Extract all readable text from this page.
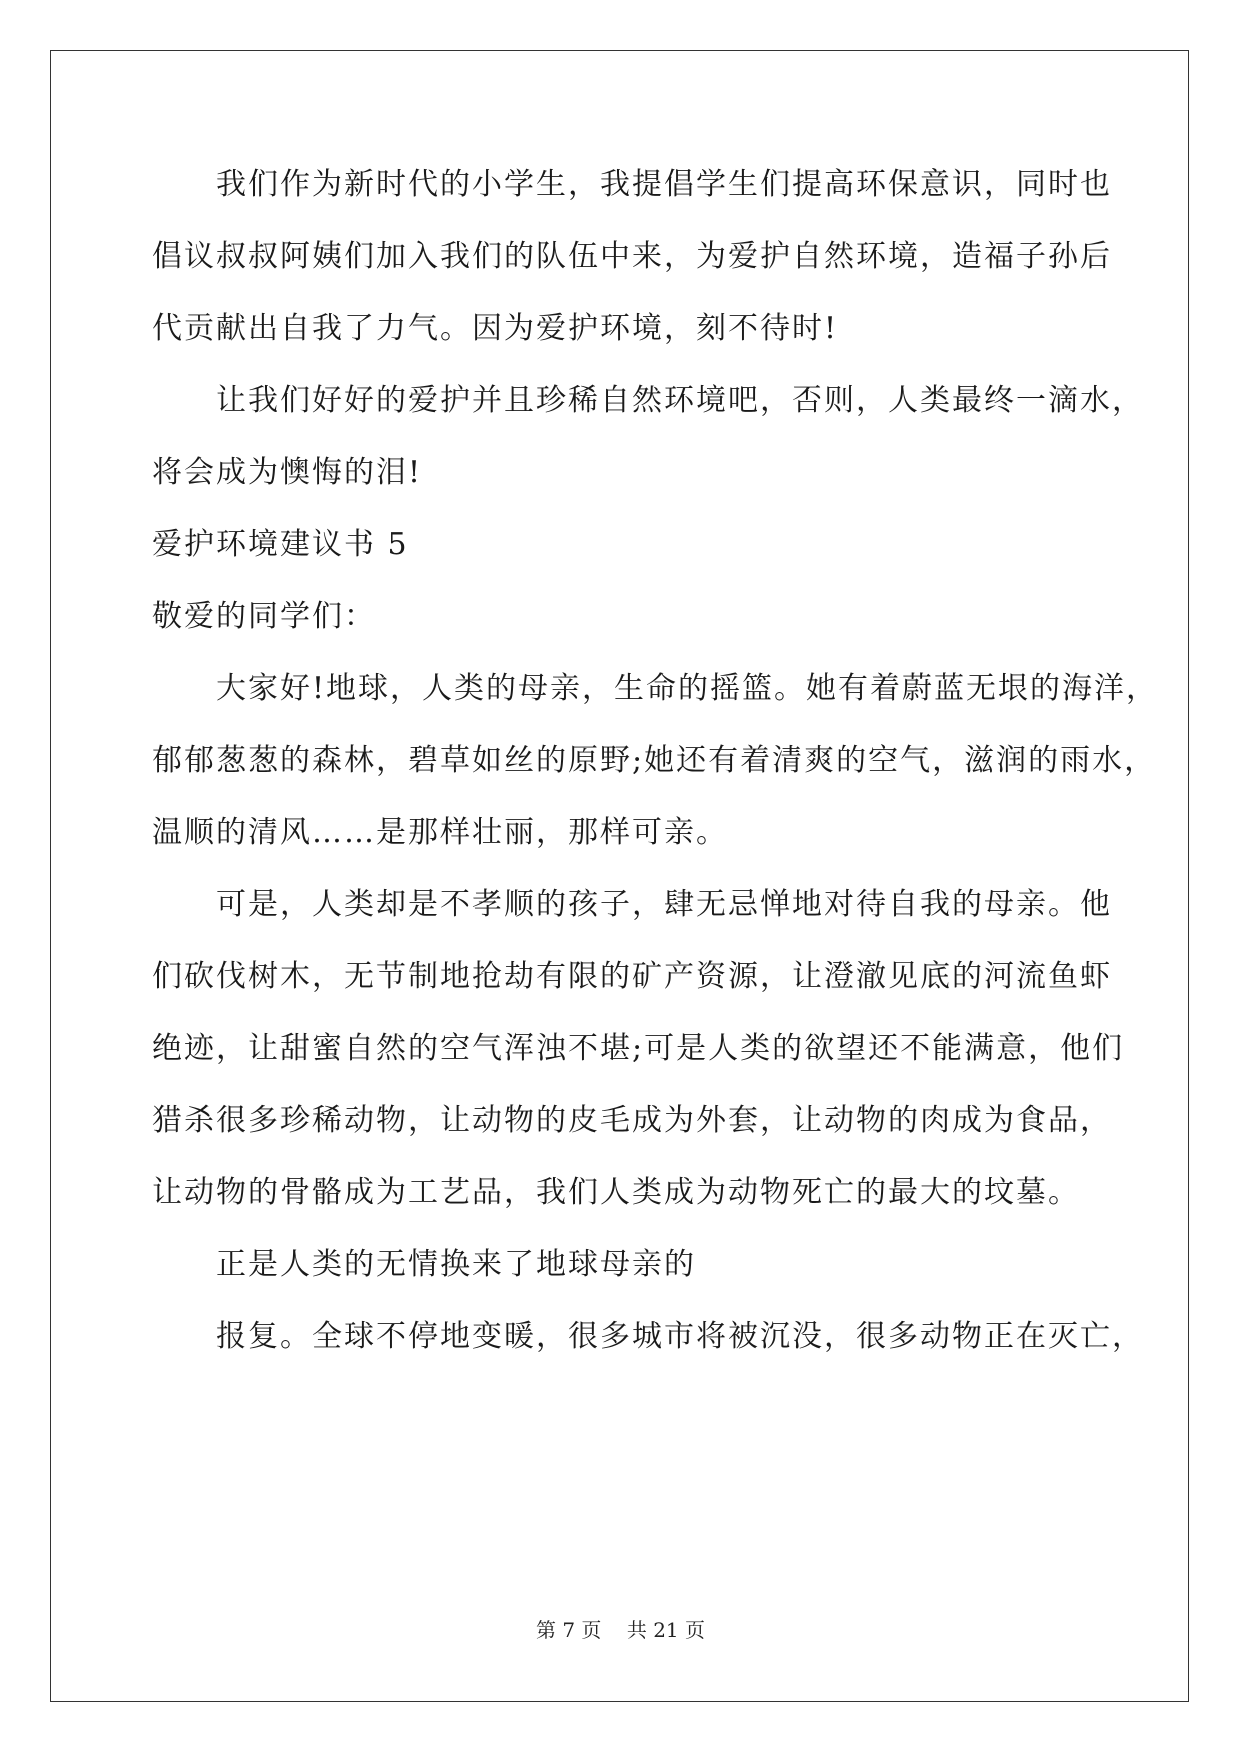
我们作为新时代的小学生，我提倡学生们提高环保意识，同时也
倡议叔叔阿姨们加入我们的队伍中来，为爱护自然环境，造福子孙后
代贡献出自我了力气。因为爱护环境，刻不待时!
让我们好好的爱护并且珍稀自然环境吧，否则，人类最终一滴水，
将会成为懊悔的泪!
爱护环境建议书 5
敬爱的同学们：
大家好!地球，人类的母亲，生命的摇篮。她有着蔚蓝无垠的海洋，
郁郁葱葱的森林，碧草如丝的原野;她还有着清爽的空气，滋润的雨水，
温顺的清风……是那样壮丽，那样可亲。
可是，人类却是不孝顺的孩子，肆无忌惮地对待自我的母亲。他
们砍伐树木，无节制地抢劫有限的矿产资源，让澄澈见底的河流鱼虾
绝迹，让甜蜜自然的空气浑浊不堪;可是人类的欲望还不能满意，他们
猎杀很多珍稀动物，让动物的皮毛成为外套，让动物的肉成为食品，
让动物的骨骼成为工艺品，我们人类成为动物死亡的最大的坟墓。
正是人类的无情换来了地球母亲的
报复。全球不停地变暖，很多城市将被沉没，很多动物正在灭亡，
第 7 页    共 21 页
